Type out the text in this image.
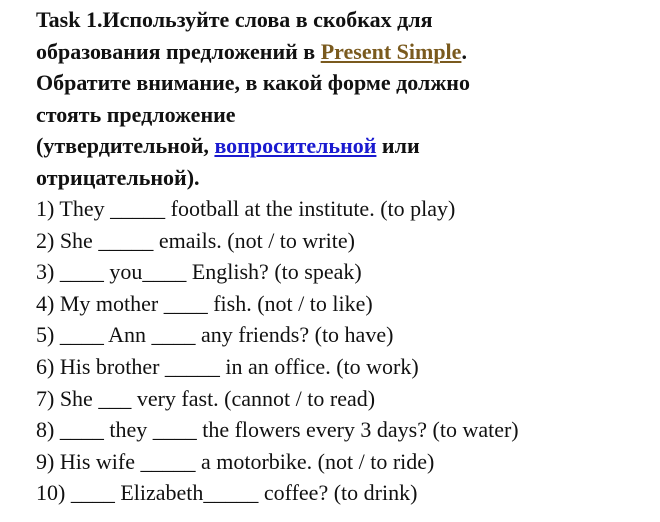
Task 1.Используйте слова в скобках для
образования предложений в Present Simple.
Обратите внимание, в какой форме должно
стоять предложение
(утвердительной, вопросительной или
отрицательной).
1) They _____ football at the institute. (to play)
2) She _____ emails. (not / to write)
3) ____ you____ English? (to speak)
4) My mother ____ fish. (not / to like)
5) ____ Ann ____ any friends? (to have)
6) His brother _____ in an office. (to work)
7) She ___ very fast. (cannot / to read)
8) ____ they ____ the flowers every 3 days? (to water)
9) His wife _____ a motorbike. (not / to ride)
10) ____ Elizabeth_____ coffee? (to drink)
